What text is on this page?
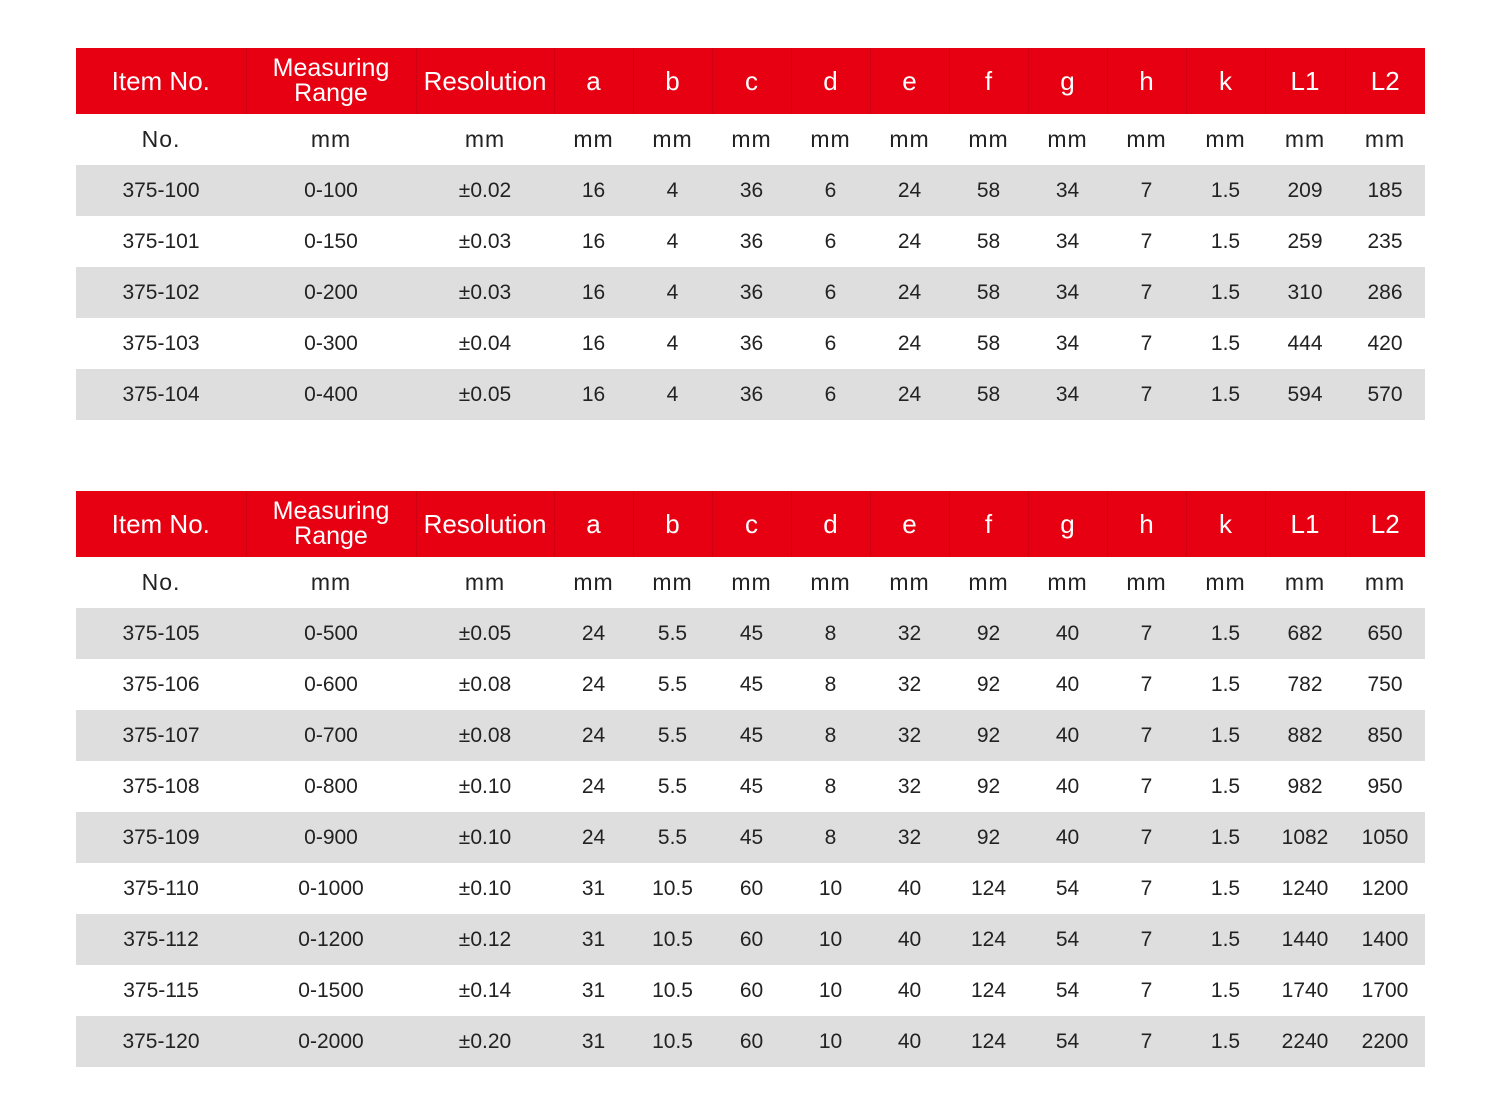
Item No.	Measuring Range	Resolution	a	b	c	d	e	f	g	h	k	L1	L2
No.	mm	mm	mm	mm	mm	mm	mm	mm	mm	mm	mm	mm	mm
375-100	0-100	±0.02	16	4	36	6	24	58	34	7	1.5	209	185
375-101	0-150	±0.03	16	4	36	6	24	58	34	7	1.5	259	235
375-102	0-200	±0.03	16	4	36	6	24	58	34	7	1.5	310	286
375-103	0-300	±0.04	16	4	36	6	24	58	34	7	1.5	444	420
375-104	0-400	±0.05	16	4	36	6	24	58	34	7	1.5	594	570
Item No.	Measuring Range	Resolution	a	b	c	d	e	f	g	h	k	L1	L2
No.	mm	mm	mm	mm	mm	mm	mm	mm	mm	mm	mm	mm	mm
375-105	0-500	±0.05	24	5.5	45	8	32	92	40	7	1.5	682	650
375-106	0-600	±0.08	24	5.5	45	8	32	92	40	7	1.5	782	750
375-107	0-700	±0.08	24	5.5	45	8	32	92	40	7	1.5	882	850
375-108	0-800	±0.10	24	5.5	45	8	32	92	40	7	1.5	982	950
375-109	0-900	±0.10	24	5.5	45	8	32	92	40	7	1.5	1082	1050
375-110	0-1000	±0.10	31	10.5	60	10	40	124	54	7	1.5	1240	1200
375-112	0-1200	±0.12	31	10.5	60	10	40	124	54	7	1.5	1440	1400
375-115	0-1500	±0.14	31	10.5	60	10	40	124	54	7	1.5	1740	1700
375-120	0-2000	±0.20	31	10.5	60	10	40	124	54	7	1.5	2240	2200
